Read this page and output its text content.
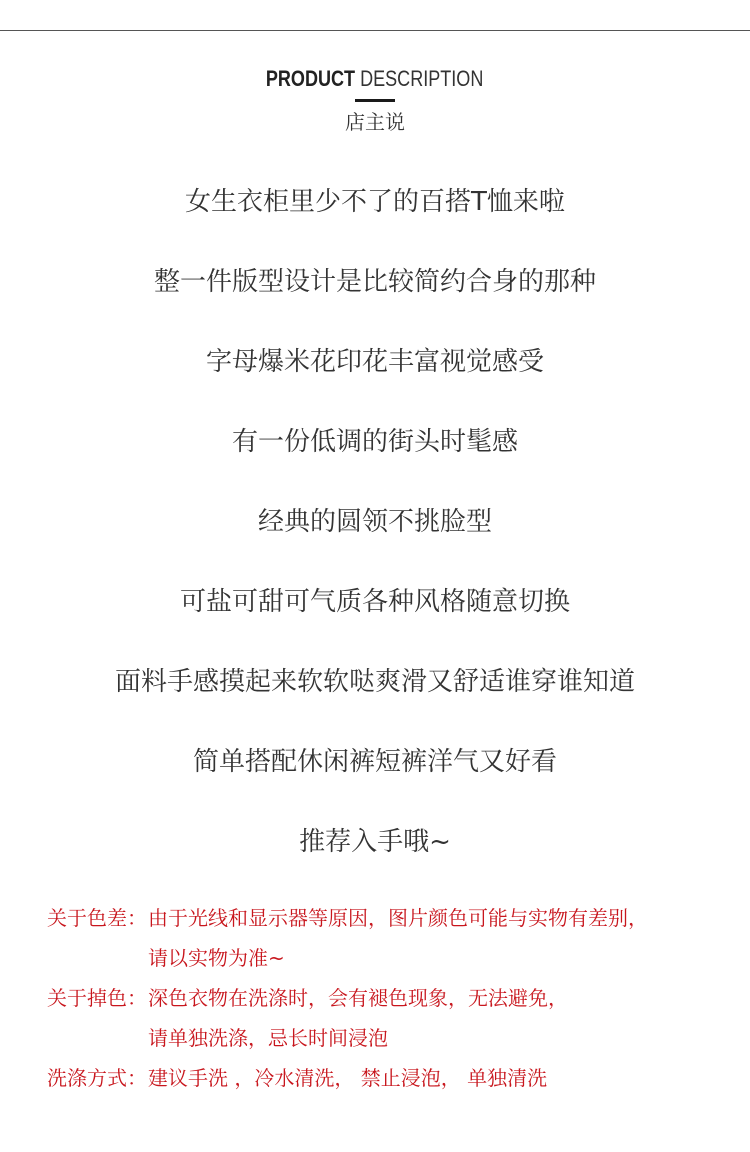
PRODUCT DESCRIPTION
店主说
女生衣柜里少不了的百搭T恤来啦
整一件版型设计是比较简约合身的那种
字母爆米花印花丰富视觉感受
有一份低调的街头时髦感
经典的圆领不挑脸型
可盐可甜可气质各种风格随意切换
面料手感摸起来软软哒爽滑又舒适谁穿谁知道
简单搭配休闲裤短裤洋气又好看
推荐入手哦~
关于色差： 由于光线和显示器等原因，图片颜色可能与实物有差别，
请以实物为准~
关于掉色： 深色衣物在洗涤时，会有褪色现象，无法避免，
请单独洗涤，忌长时间浸泡
洗涤方式： 建议手洗 ，冷水清洗， 禁止浸泡， 单独清洗
